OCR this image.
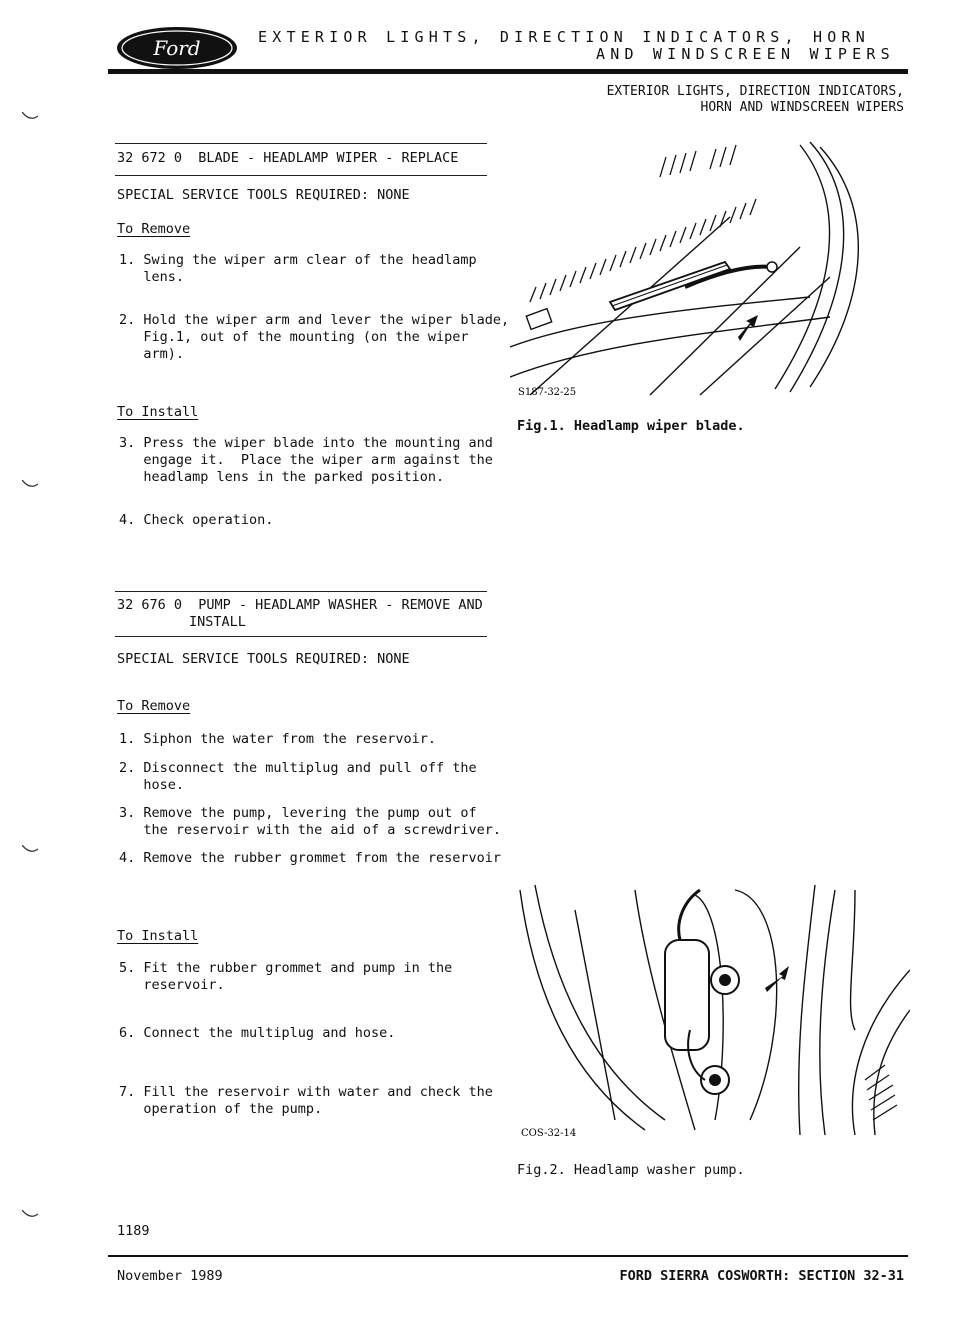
Ford	EXTERIOR LIGHTS, DIRECTION INDICATORS, HORN
AND WINDSCREEN WIPERS
EXTERIOR LIGHTS, DIRECTION INDICATORS,
HORN AND WINDSCREEN WIPERS
32 672 0  BLADE - HEADLAMP WIPER - REPLACE
SPECIAL SERVICE TOOLS REQUIRED: NONE
To Remove
1. Swing the wiper arm clear of the headlamp
lens.
2. Hold the wiper arm and lever the wiper blade,
Fig.1, out of the mounting (on the wiper
arm).
To Install
3. Press the wiper blade into the mounting and
engage it.  Place the wiper arm against the
headlamp lens in the parked position.
4. Check operation.
32 676 0  PUMP - HEADLAMP WASHER - REMOVE AND
INSTALL
SPECIAL SERVICE TOOLS REQUIRED: NONE
To Remove
1. Siphon the water from the reservoir.
2. Disconnect the multiplug and pull off the
hose.
3. Remove the pump, levering the pump out of
the reservoir with the aid of a screwdriver.
4. Remove the rubber grommet from the reservoir
To Install
5. Fit the rubber grommet and pump in the
reservoir.
6. Connect the multiplug and hose.
7. Fill the reservoir with water and check the
operation of the pump.
S187-32-25
Fig.1. Headlamp wiper blade.
COS-32-14
Fig.2. Headlamp washer pump.
1189
November 1989	FORD SIERRA COSWORTH: SECTION 32-31
